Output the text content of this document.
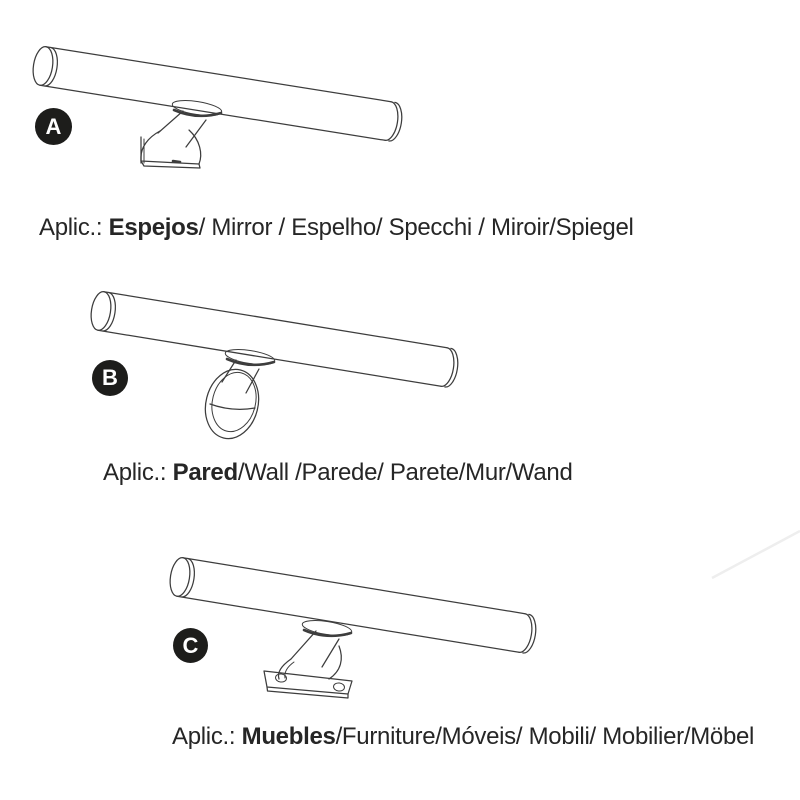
A
Aplic.: Espejos/ Mirror / Espelho/ Specchi / Miroir/Spiegel
B
Aplic.: Pared/Wall /Parede/ Parete/Mur/Wand
C
Aplic.: Muebles/Furniture/Móveis/ Mobili/ Mobilier/Möbel
